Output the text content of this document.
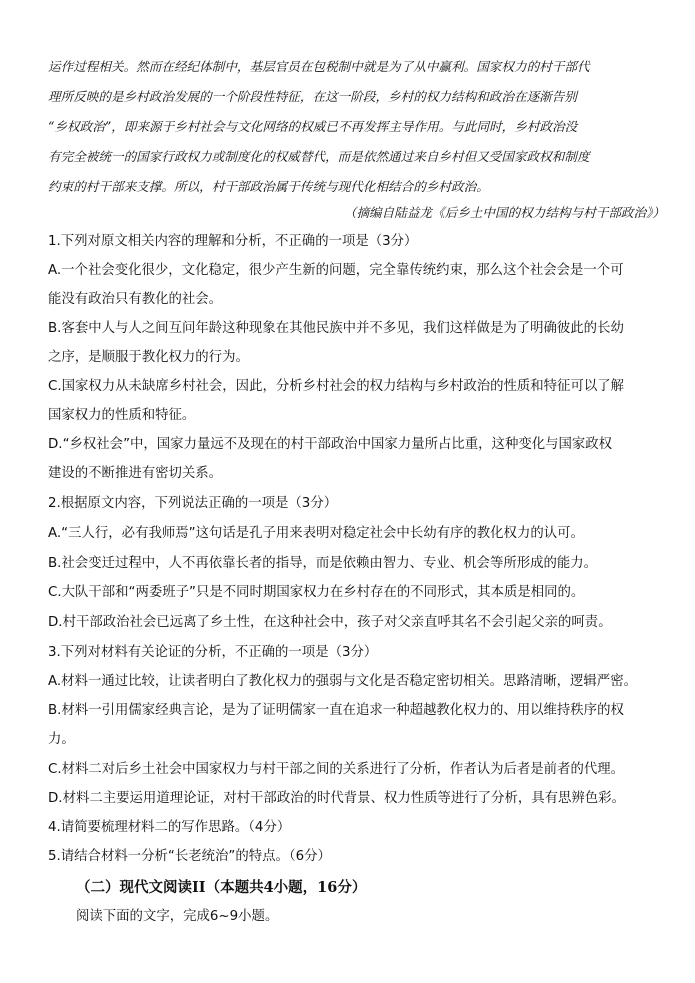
运作过程相关。然而在经纪体制中，基层官员在包税制中就是为了从中赢利。国家权力的村干部代
理所反映的是乡村政治发展的一个阶段性特征，在这一阶段，乡村的权力结构和政治在逐渐告别
“乡权政治”，即来源于乡村社会与文化网络的权威已不再发挥主导作用。与此同时，乡村政治没
有完全被统一的国家行政权力或制度化的权威替代，而是依然通过来自乡村但又受国家政权和制度
约束的村干部来支撑。所以，村干部政治属于传统与现代化相结合的乡村政治。
（摘编自陆益龙《后乡土中国的权力结构与村干部政治》）
1.下列对原文相关内容的理解和分析，不正确的一项是（3分）
A.一个社会变化很少，文化稳定，很少产生新的问题，完全靠传统约束，那么这个社会会是一个可
能没有政治只有教化的社会。
B.客套中人与人之间互问年龄这种现象在其他民族中并不多见，我们这样做是为了明确彼此的长幼
之序，是顺服于教化权力的行为。
C.国家权力从未缺席乡村社会，因此，分析乡村社会的权力结构与乡村政治的性质和特征可以了解
国家权力的性质和特征。
D.“乡权社会”中，国家力量远不及现在的村干部政治中国家力量所占比重，这种变化与国家政权
建设的不断推进有密切关系。
2.根据原文内容，下列说法正确的一项是（3分）
A.“三人行，必有我师焉”这句话是孔子用来表明对稳定社会中长幼有序的教化权力的认可。
B.社会变迁过程中，人不再依靠长者的指导，而是依赖由智力、专业、机会等所形成的能力。
C.大队干部和“两委班子”只是不同时期国家权力在乡村存在的不同形式，其本质是相同的。
D.村干部政治社会已远离了乡土性，在这种社会中，孩子对父亲直呼其名不会引起父亲的呵责。
3.下列对材料有关论证的分析，不正确的一项是（3分）
A.材料一通过比较，让读者明白了教化权力的强弱与文化是否稳定密切相关。思路清晰，逻辑严密。
B.材料一引用儒家经典言论，是为了证明儒家一直在追求一种超越教化权力的、用以维持秩序的权
力。
C.材料二对后乡土社会中国家权力与村干部之间的关系进行了分析，作者认为后者是前者的代理。
D.材料二主要运用道理论证，对村干部政治的时代背景、权力性质等进行了分析，具有思辨色彩。
4.请简要梳理材料二的写作思路。（4分）
5.请结合材料一分析“长老统治”的特点。（6分）
（二）现代文阅读II（本题共4小题，16分）
阅读下面的文字，完成6~9小题。
